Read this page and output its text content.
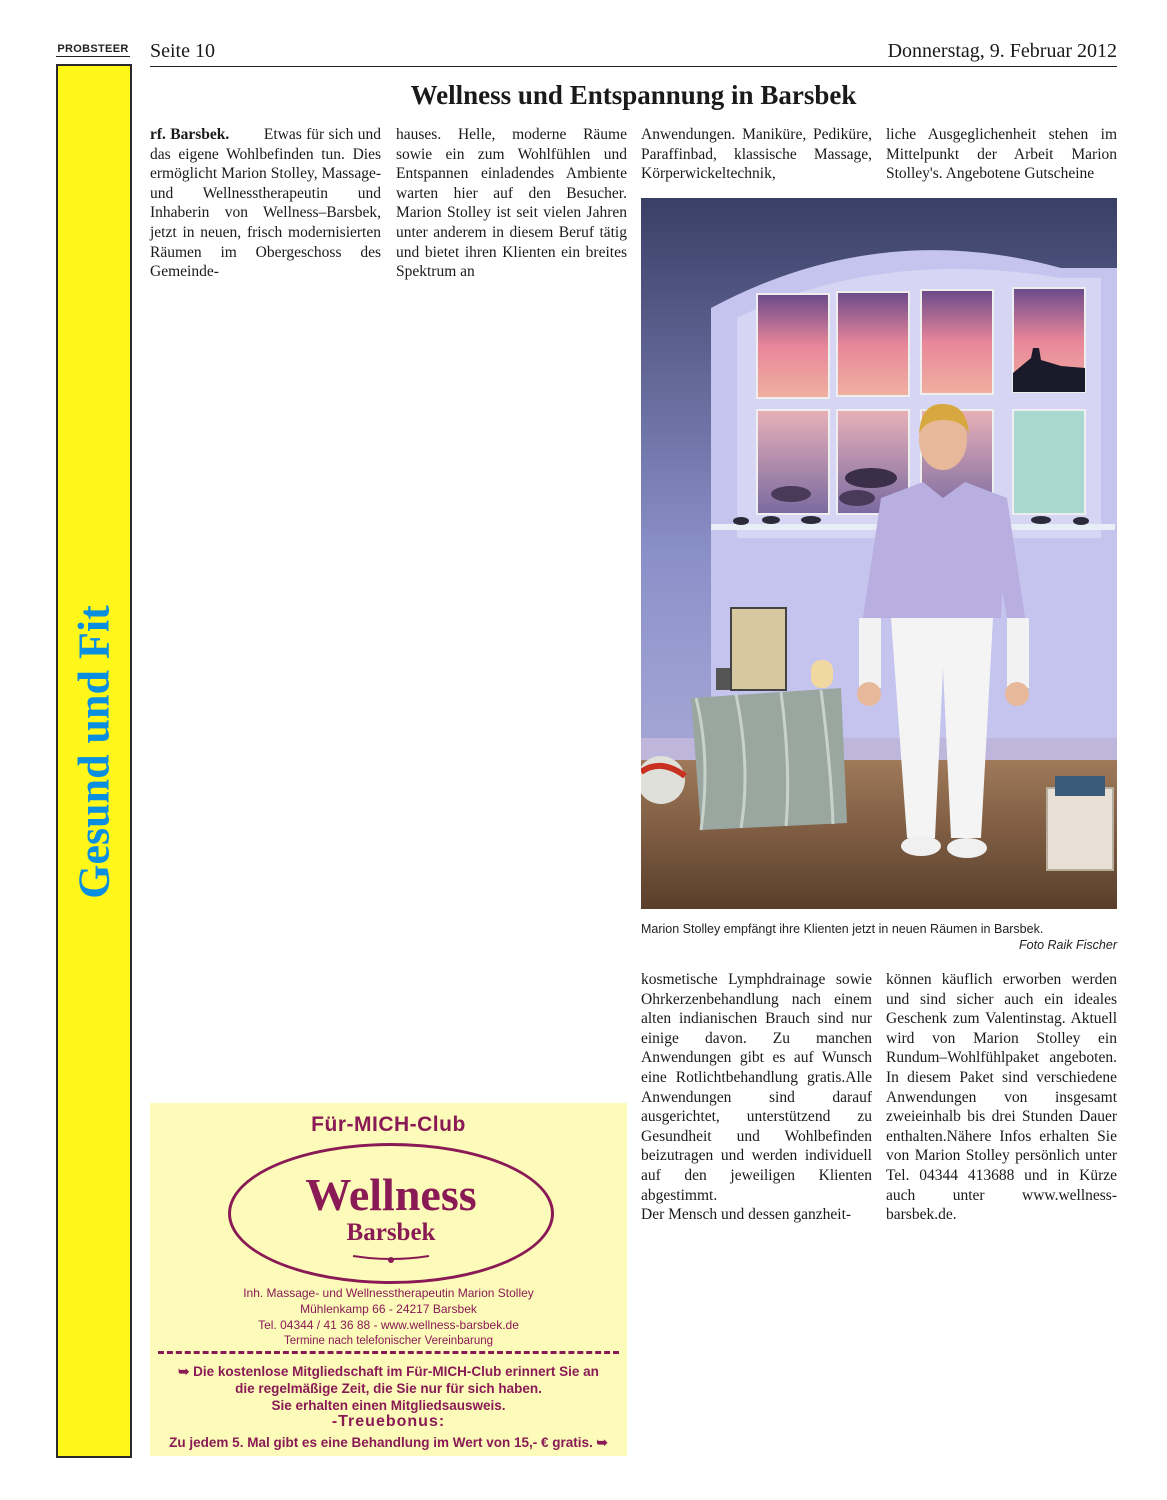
PROBSTEER Seite 10	Donnerstag, 9. Februar 2012
Gesund und Fit
Wellness und Entspannung in Barsbek

rf. Barsbek. Etwas für sich und das eigene Wohlbefinden tun. Dies ermöglicht Marion Stolley, Massage- und Wellnesstherapeutin und Inhaberin von Wellness–Barsbek, jetzt in neuen, frisch modernisierten Räumen im Obergeschoss des Gemeinde-

hauses. Helle, moderne Räume sowie ein zum Wohlfühlen und Entspannen einladendes Ambiente warten hier auf den Besucher. Marion Stolley ist seit vielen Jahren unter anderem in diesem Beruf tätig und bietet ihren Klienten ein breites Spektrum an

Anwendungen. Maniküre, Pediküre, Paraffinbad, klassische Massage, Körperwickeltechnik,

liche Ausgeglichenheit stehen im Mittelpunkt der Arbeit Marion Stolley's. Angebotene Gutscheine

Marion Stolley empfängt ihre Klienten jetzt in neuen Räumen in Barsbek.
Foto Raik Fischer

kosmetische Lymphdrainage sowie Ohrkerzenbehandlung nach einem alten indianischen Brauch sind nur einige davon. Zu manchen Anwendungen gibt es auf Wunsch eine Rotlichtbehandlung gratis.Alle Anwendungen sind darauf ausgerichtet, unterstützend zu Gesundheit und Wohlbefinden beizutragen und werden individuell auf den jeweiligen Klienten abgestimmt.

Der Mensch und dessen ganzheit-

können käuflich erworben werden und sind sicher auch ein ideales Geschenk zum Valentinstag. Aktuell wird von Marion Stolley ein Rundum–Wohlfühlpaket angeboten. In diesem Paket sind verschiedene Anwendungen von insgesamt zweieinhalb bis drei Stunden Dauer enthalten.Nähere Infos erhalten Sie von Marion Stolley persönlich unter Tel. 04344 413688 und in Kürze auch unter www.wellness-barsbek.de.

Für-MICH-Club
Wellness
Barsbek
Inh. Massage- und Wellnesstherapeutin Marion Stolley
Mühlenkamp 66 - 24217 Barsbek
Tel. 04344 / 41 36 88 - www.wellness-barsbek.de
Termine nach telefonischer Vereinbarung
➥ Die kostenlose Mitgliedschaft im Für-MICH-Club erinnert Sie an
die regelmäßige Zeit, die Sie nur für sich haben.
Sie erhalten einen Mitgliedsausweis.
-Treuebonus:
Zu jedem 5. Mal gibt es eine Behandlung im Wert von 15,- € gratis. ➥
